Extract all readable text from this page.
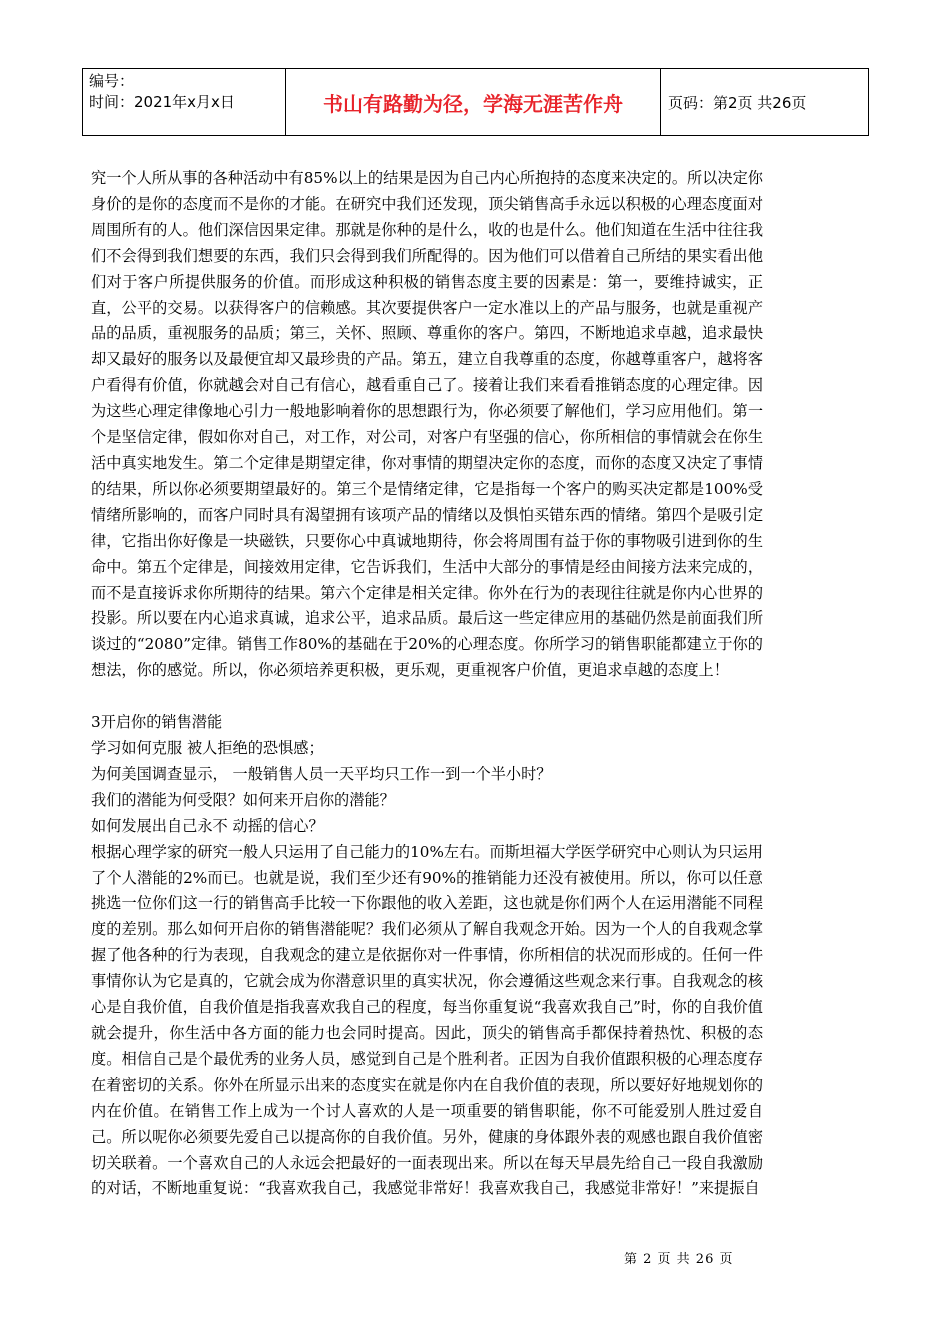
编号：
时间：2021年x月x日	书山有路勤为径，学海无涯苦作舟	页码：第2页 共26页

究一个人所从事的各种活动中有85%以上的结果是因为自己内心所抱持的态度来决定的。所以决定你身价的是你的态度而不是你的才能。在研究中我们还发现，顶尖销售高手永远以积极的心理态度面对周围所有的人。他们深信因果定律。那就是你种的是什么，收的也是什么。他们知道在生活中往往我们不会得到我们想要的东西，我们只会得到我们所配得的。因为他们可以借着自己所结的果实看出他们对于客户所提供服务的价值。而形成这种积极的销售态度主要的因素是：第一，要维持诚实，正直，公平的交易。以获得客户的信赖感。其次要提供客户一定水准以上的产品与服务，也就是重视产品的品质，重视服务的品质；第三，关怀、照顾、尊重你的客户。第四，不断地追求卓越，追求最快却又最好的服务以及最便宜却又最珍贵的产品。第五，建立自我尊重的态度，你越尊重客户，越将客户看得有价值，你就越会对自己有信心，越看重自己了。接着让我们来看看推销态度的心理定律。因为这些心理定律像地心引力一般地影响着你的思想跟行为，你必须要了解他们，学习应用他们。第一个是坚信定律，假如你对自己，对工作，对公司，对客户有坚强的信心，你所相信的事情就会在你生活中真实地发生。第二个定律是期望定律，你对事情的期望决定你的态度，而你的态度又决定了事情的结果，所以你必须要期望最好的。第三个是情绪定律，它是指每一个客户的购买决定都是100%受情绪所影响的，而客户同时具有渴望拥有该项产品的情绪以及惧怕买错东西的情绪。第四个是吸引定律，它指出你好像是一块磁铁，只要你心中真诚地期待，你会将周围有益于你的事物吸引进到你的生命中。第五个定律是，间接效用定律，它告诉我们，生活中大部分的事情是经由间接方法来完成的，而不是直接诉求你所期待的结果。第六个定律是相关定律。你外在行为的表现往往就是你内心世界的投影。所以要在内心追求真诚，追求公平，追求品质。最后这一些定律应用的基础仍然是前面我们所谈过的“2080”定律。销售工作80%的基础在于20%的心理态度。你所学习的销售职能都建立于你的想法，你的感觉。所以，你必须培养更积极，更乐观，更重视客户价值，更追求卓越的态度上！

3开启你的销售潜能

学习如何克服 被人拒绝的恐惧感；

为何美国调查显示， 一般销售人员一天平均只工作一到一个半小时？

我们的潜能为何受限？如何来开启你的潜能？

如何发展出自己永不 动摇的信心？

根据心理学家的研究一般人只运用了自己能力的10%左右。而斯坦福大学医学研究中心则认为只运用了个人潜能的2%而已。也就是说，我们至少还有90%的推销能力还没有被使用。所以，你可以任意挑选一位你们这一行的销售高手比较一下你跟他的收入差距，这也就是你们两个人在运用潜能不同程度的差别。那么如何开启你的销售潜能呢？我们必须从了解自我观念开始。因为一个人的自我观念掌握了他各种的行为表现，自我观念的建立是依据你对一件事情，你所相信的状况而形成的。任何一件事情你认为它是真的，它就会成为你潜意识里的真实状况，你会遵循这些观念来行事。自我观念的核心是自我价值，自我价值是指我喜欢我自己的程度，每当你重复说“我喜欢我自己”时，你的自我价值就会提升，你生活中各方面的能力也会同时提高。因此，顶尖的销售高手都保持着热忱、积极的态度。相信自己是个最优秀的业务人员，感觉到自己是个胜利者。正因为自我价值跟积极的心理态度存在着密切的关系。你外在所显示出来的态度实在就是你内在自我价值的表现，所以要好好地规划你的内在价值。在销售工作上成为一个讨人喜欢的人是一项重要的销售职能，你不可能爱别人胜过爱自己。所以呢你必须要先爱自己以提高你的自我价值。另外，健康的身体跟外表的观感也跟自我价值密切关联着。一个喜欢自己的人永远会把最好的一面表现出来。所以在每天早晨先给自己一段自我激励的对话，不断地重复说：“我喜欢我自己，我感觉非常好！我喜欢我自己，我感觉非常好！”来提振自

第 2 页 共 26 页
